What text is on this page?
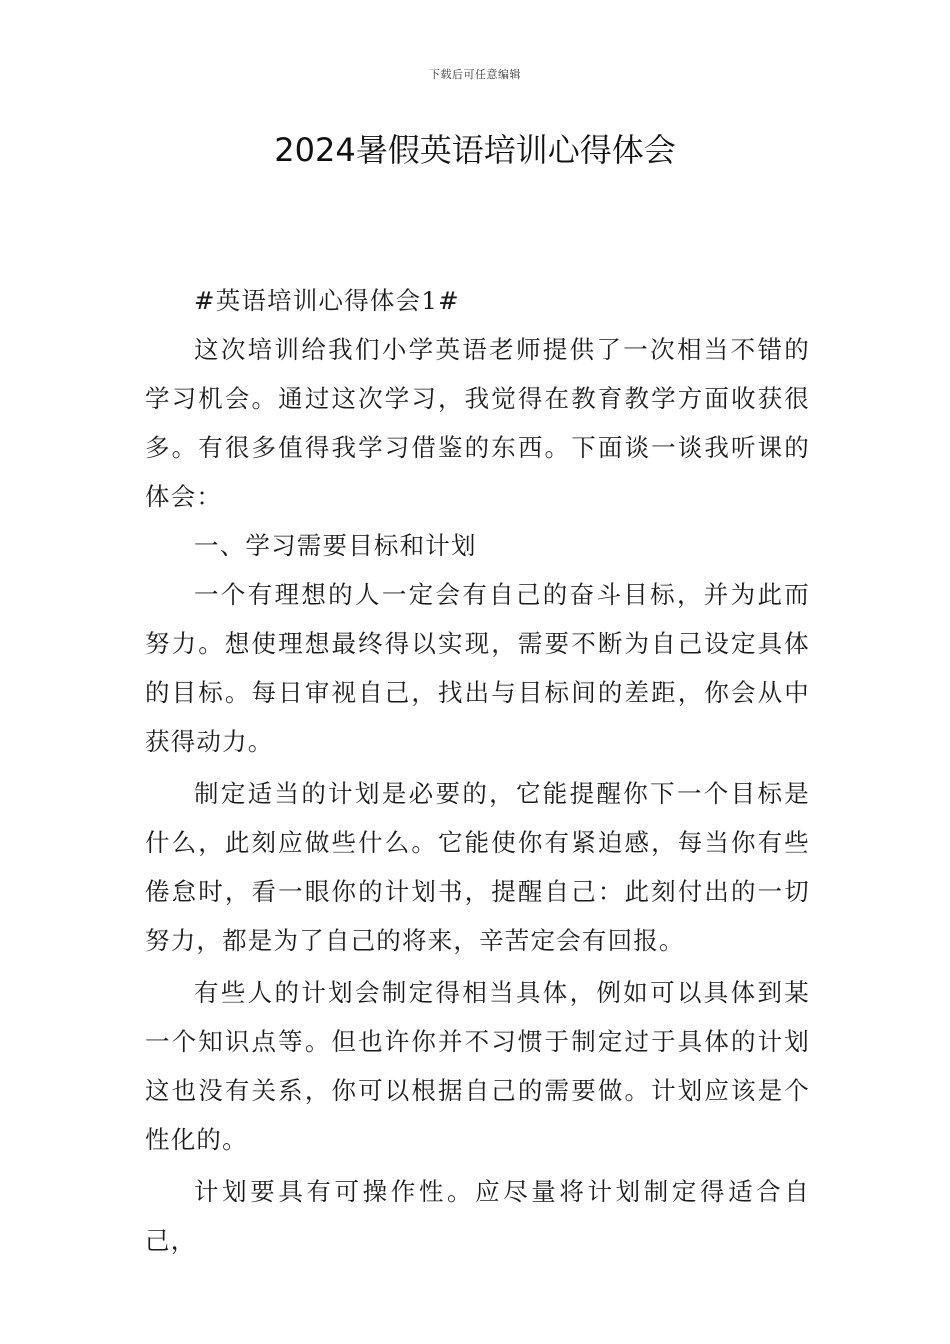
下载后可任意编辑
2024暑假英语培训心得体会

#英语培训心得体会1#

这次培训给我们小学英语老师提供了一次相当不错的学习机会。通过这次学习，我觉得在教育教学方面收获很多。有很多值得我学习借鉴的东西。下面谈一谈我听课的体会：

一、学习需要目标和计划

一个有理想的人一定会有自己的奋斗目标，并为此而努力。想使理想最终得以实现，需要不断为自己设定具体的目标。每日审视自己，找出与目标间的差距，你会从中获得动力。

制定适当的计划是必要的，它能提醒你下一个目标是什么，此刻应做些什么。它能使你有紧迫感，每当你有些倦怠时，看一眼你的计划书，提醒自己：此刻付出的一切努力，都是为了自己的将来，辛苦定会有回报。

有些人的计划会制定得相当具体，例如可以具体到某一个知识点等。但也许你并不习惯于制定过于具体的计划这也没有关系，你可以根据自己的需要做。计划应该是个性化的。

计划要具有可操作性。应尽量将计划制定得适合自己，
